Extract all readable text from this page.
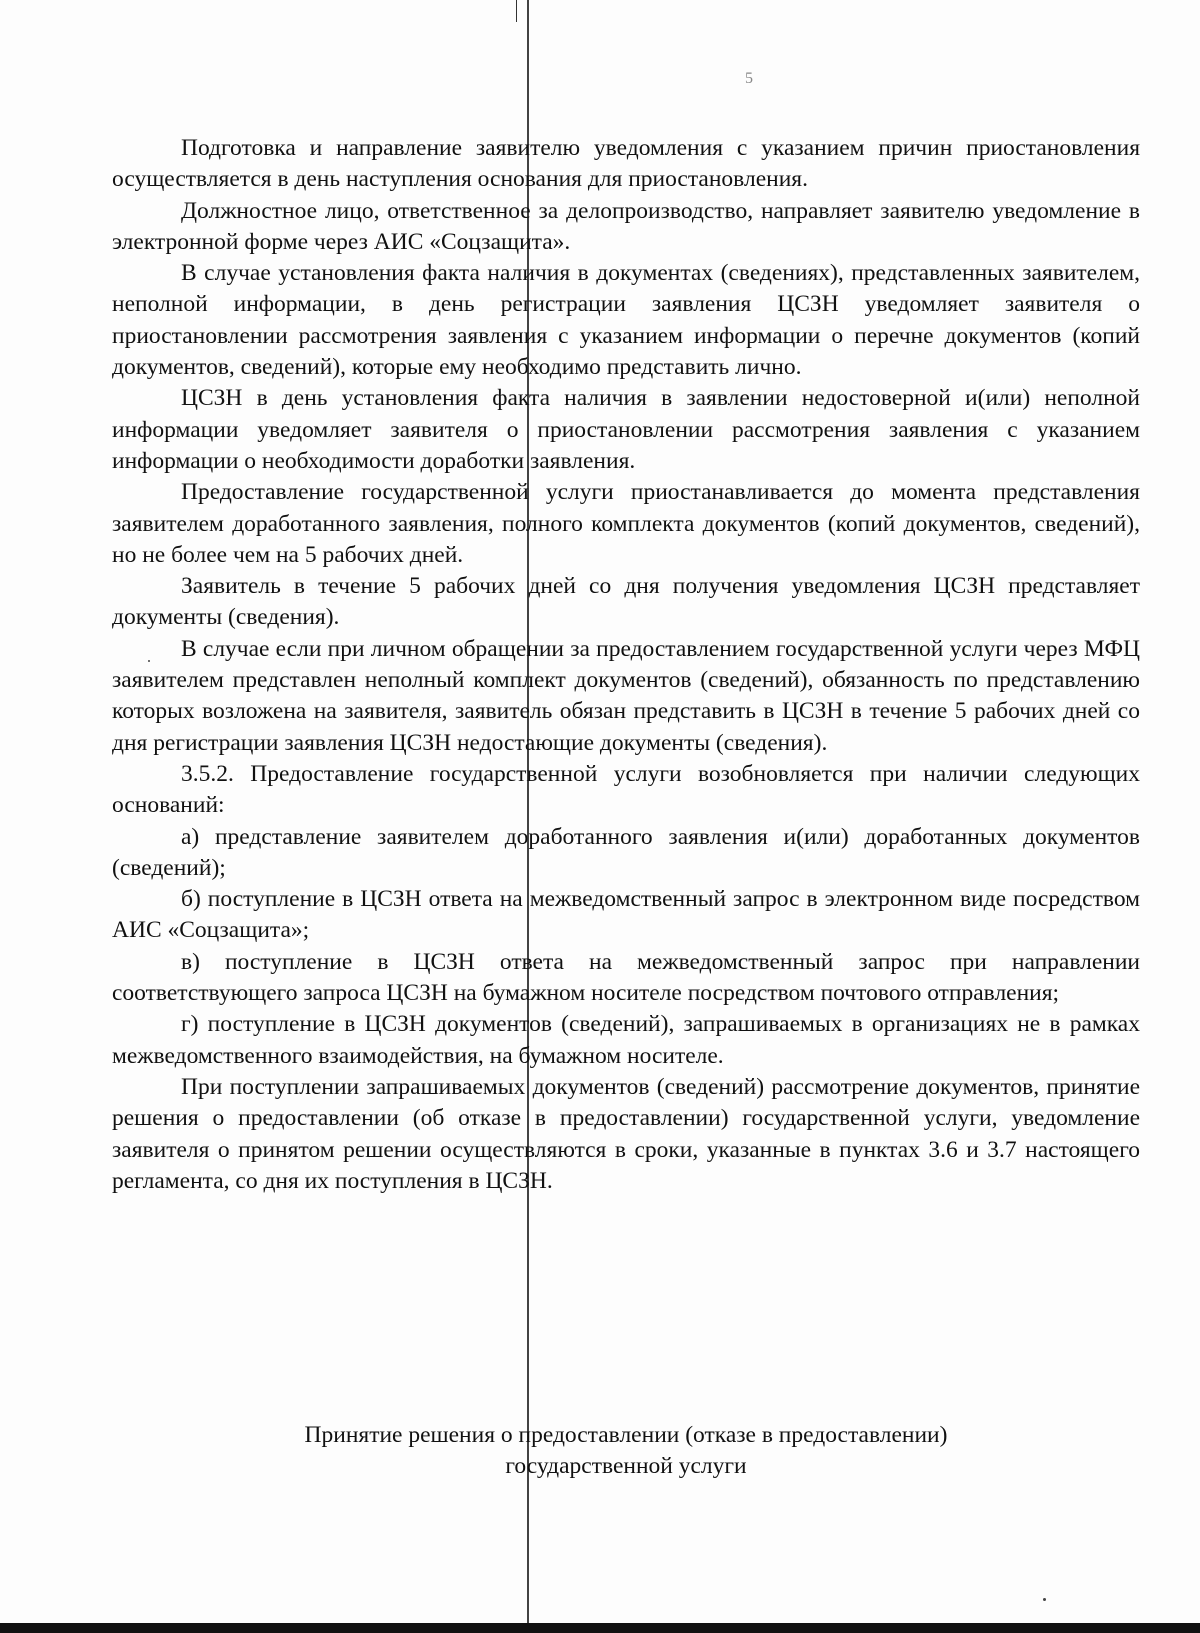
5

Подготовка и направление заявителю уведомления с указанием причин приостановления осуществляется в день наступления основания для приостановления.

Должностное лицо, ответственное за делопроизводство, направляет заявителю уведомление в электронной форме через АИС «Соцзащита».

В случае установления факта наличия в документах (сведениях), представленных заявителем, неполной информации, в день регистрации заявления ЦСЗН уведомляет заявителя о приостановлении рассмотрения заявления с указанием информации о перечне документов (копий документов, сведений), которые ему необходимо представить лично.

ЦСЗН в день установления факта наличия в заявлении недостоверной и(или) неполной информации уведомляет заявителя о приостановлении рассмотрения заявления с указанием информации о необходимости доработки заявления.

Предоставление государственной услуги приостанавливается до момента представления заявителем доработанного заявления, полного комплекта документов (копий документов, сведений), но не более чем на 5 рабочих дней.

Заявитель в течение 5 рабочих дней со дня получения уведомления ЦСЗН представляет документы (сведения).

В случае если при личном обращении за предоставлением государственной услуги через МФЦ заявителем представлен неполный комплект документов (сведений), обязанность по представлению которых возложена на заявителя, заявитель обязан представить в ЦСЗН в течение 5 рабочих дней со дня регистрации заявления ЦСЗН недостающие документы (сведения).

3.5.2. Предоставление государственной услуги возобновляется при наличии следующих оснований:

а) представление заявителем доработанного заявления и(или) доработанных документов (сведений);

б) поступление в ЦСЗН ответа на межведомственный запрос в электронном виде посредством АИС «Соцзащита»;

в) поступление в ЦСЗН ответа на межведомственный запрос при направлении соответствующего запроса ЦСЗН на бумажном носителе посредством почтового отправления;

г) поступление в ЦСЗН документов (сведений), запрашиваемых в организациях не в рамках межведомственного взаимодействия, на бумажном носителе.

При поступлении запрашиваемых документов (сведений) рассмотрение документов, принятие решения о предоставлении (об отказе в предоставлении) государственной услуги, уведомление заявителя о принятом решении осуществляются в сроки, указанные в пунктах 3.6 и 3.7 настоящего регламента, со дня их поступления в ЦСЗН.

Принятие решения о предоставлении (отказе в предоставлении)
государственной услуги
